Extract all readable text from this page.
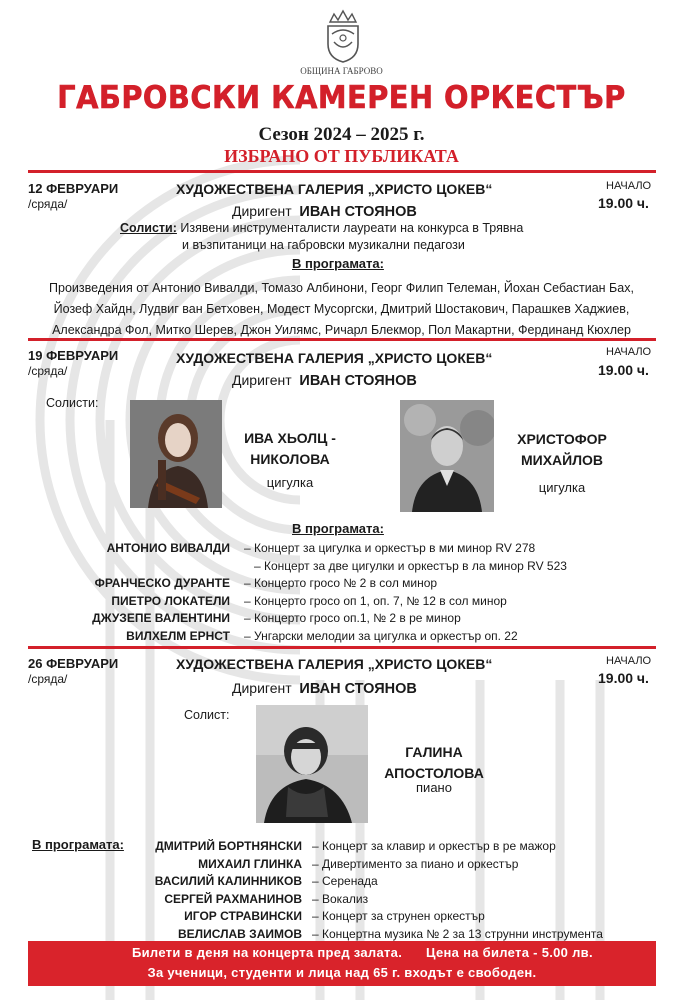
ОБЩИНА ГАБРОВО
ГАБРОВСКИ КАМЕРЕН ОРКЕСТЪР
Сезон 2024 – 2025 г.
ИЗБРАНО ОТ ПУБЛИКАТА
12 ФЕВРУАРИ
/сряда/
ХУДОЖЕСТВЕНА ГАЛЕРИЯ „ХРИСТО ЦОКЕВ“	НАЧАЛО
19.00 ч.
Диригент ИВАН СТОЯНОВ
Солисти: Изявени инструменталисти лауреати на конкурса в Трявна
и възпитаници на габровски музикални педагози
В програмата:
Произведения от Антонио Вивалди, Томазо Албинони, Георг Филип Телеман, Йохан Себастиан Бах,
Йозеф Хайдн, Лудвиг ван Бетховен, Модест Мусоргски, Дмитрий Шостакович, Парашкев Хаджиев,
Александра Фол, Митко Шерев, Джон Уилямс, Ричарл Блекмор, Пол Макартни, Фердинанд Кюхлер
19 ФЕВРУАРИ
/сряда/
ХУДОЖЕСТВЕНА ГАЛЕРИЯ „ХРИСТО ЦОКЕВ“	НАЧАЛО
19.00 ч.
Диригент ИВАН СТОЯНОВ
Солисти:
ИВА ХЬОЛЦ -
НИКОЛОВА
цигулка
ХРИСТОФОР
МИХАЙЛОВ
цигулка
В програмата:
АНТОНИО ВИВАЛДИ – Концерт за цигулка и оркестър в ми минор RV 278
– Концерт за две цигулки и оркестър в ла минор RV 523
ФРАНЧЕСКО ДУРАНТЕ – Концерто гросо № 2 в сол минор
ПИЕТРО ЛОКАТЕЛИ – Концерто гросо оп 1, оп. 7, № 12 в сол минор
ДЖУЗЕПЕ ВАЛЕНТИНИ – Концерто гросо оп.1, № 2 в ре минор
ВИЛХЕЛМ ЕРНСТ – Унгарски мелодии за цигулка и оркестър оп. 22
26 ФЕВРУАРИ
/сряда/
ХУДОЖЕСТВЕНА ГАЛЕРИЯ „ХРИСТО ЦОКЕВ“	НАЧАЛО
19.00 ч.
Диригент ИВАН СТОЯНОВ
Солист:
ГАЛИНА
АПОСТОЛОВА
пиано
В програмата:	ДМИТРИЙ БОРТНЯНСКИ – Концерт за клавир и оркестър в ре мажор
МИХАИЛ ГЛИНКА – Дивертименто за пиано и оркестър
ВАСИЛИЙ КАЛИННИКОВ – Серенада
СЕРГЕЙ РАХМАНИНОВ – Вокализ
ИГОР СТРАВИНСКИ – Концерт за струнен оркестър
ВЕЛИСЛАВ ЗАИМОВ – Концертна музика № 2 за 13 струнни инструмента
Билети в деня на концерта пред залата. Цена на билета - 5.00 лв.
За ученици, студенти и лица над 65 г. входът е свободен.
